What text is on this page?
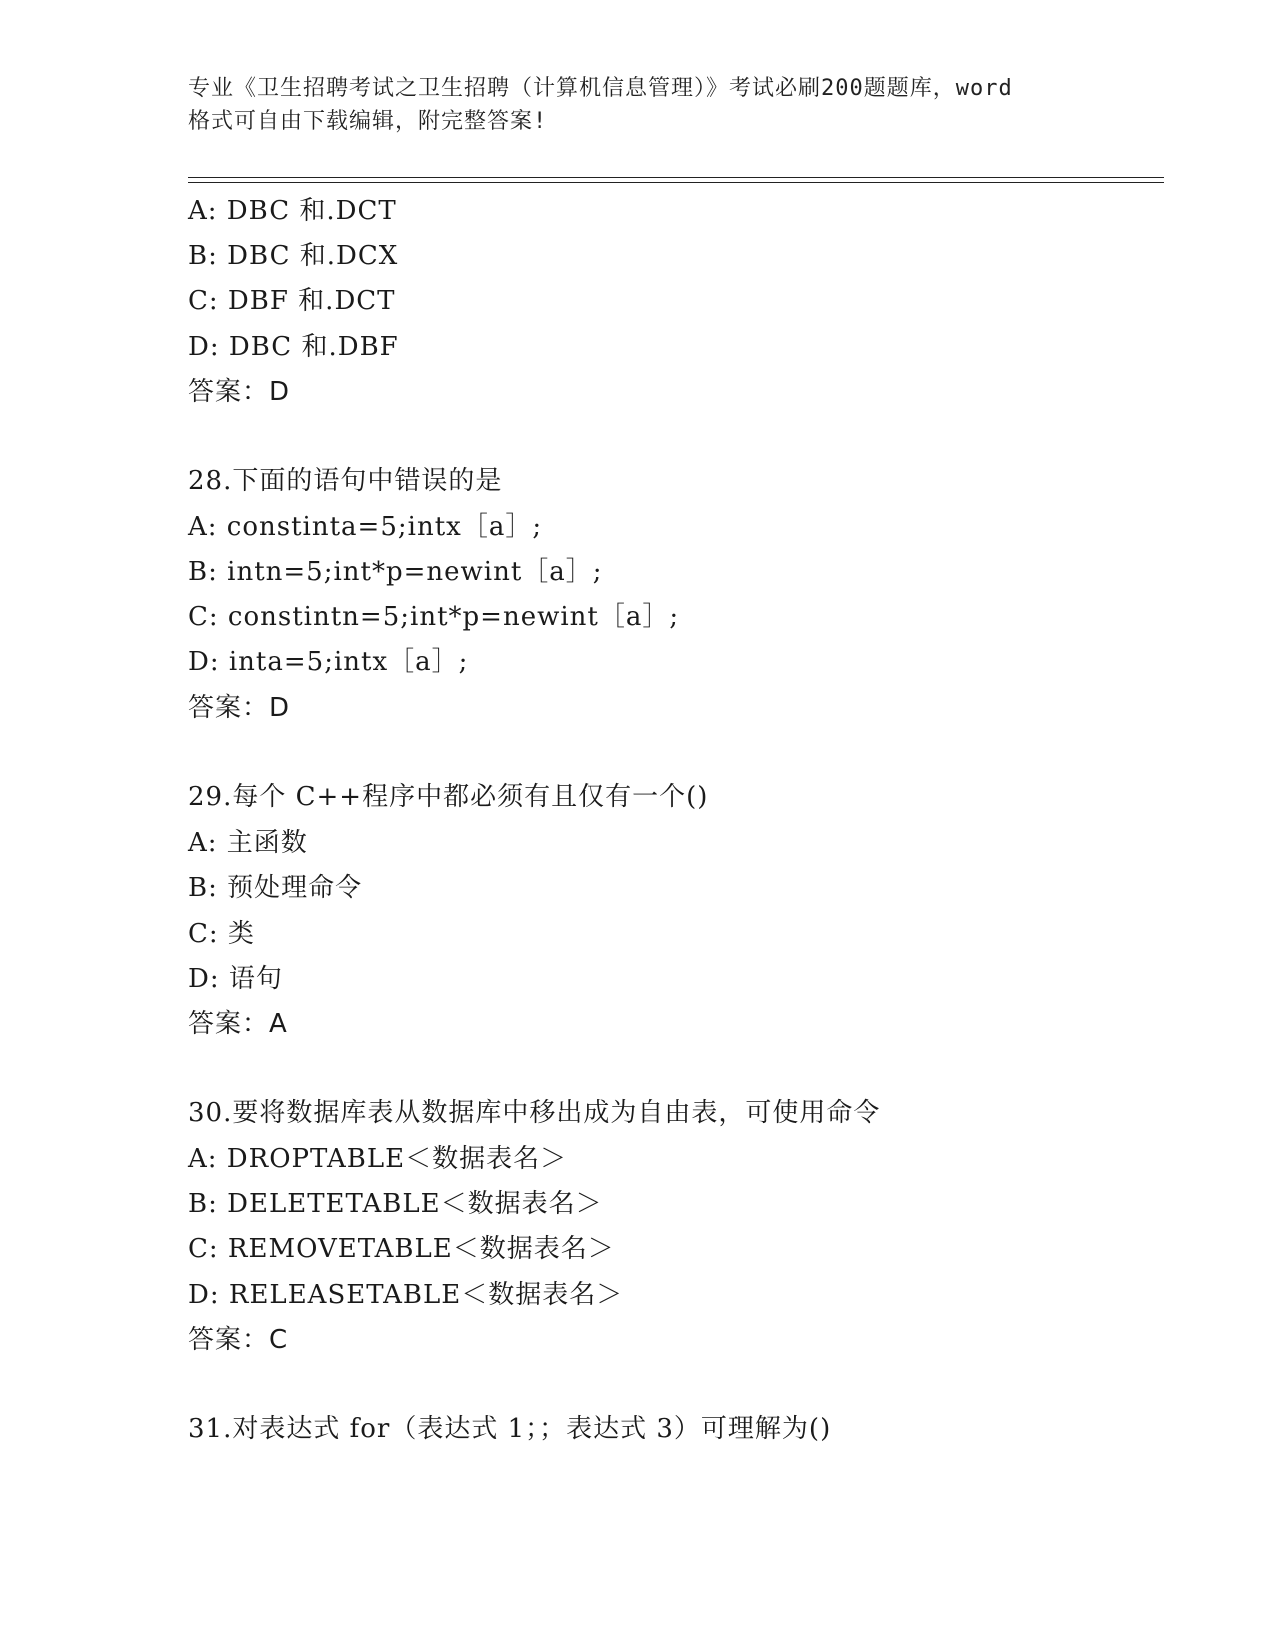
专业《卫生招聘考试之卫生招聘（计算机信息管理）》考试必刷200题题库，word

格式可自由下载编辑，附完整答案!

A: DBC 和.DCT

B: DBC 和.DCX

C: DBF 和.DCT

D: DBC 和.DBF

答案：D

28.下面的语句中错误的是

A: constinta=5;intx［a］;

B: intn=5;int*p=newint［a］;

C: constintn=5;int*p=newint［a］;

D: inta=5;intx［a］;

答案：D

29.每个 C++程序中都必须有且仅有一个()

A: 主函数

B: 预处理命令

C: 类

D: 语句

答案：A

30.要将数据库表从数据库中移出成为自由表，可使用命令

A: DROPTABLE＜数据表名＞

B: DELETETABLE＜数据表名＞

C: REMOVETABLE＜数据表名＞

D: RELEASETABLE＜数据表名＞

答案：C

31.对表达式 for（表达式 1；；表达式 3）可理解为()
